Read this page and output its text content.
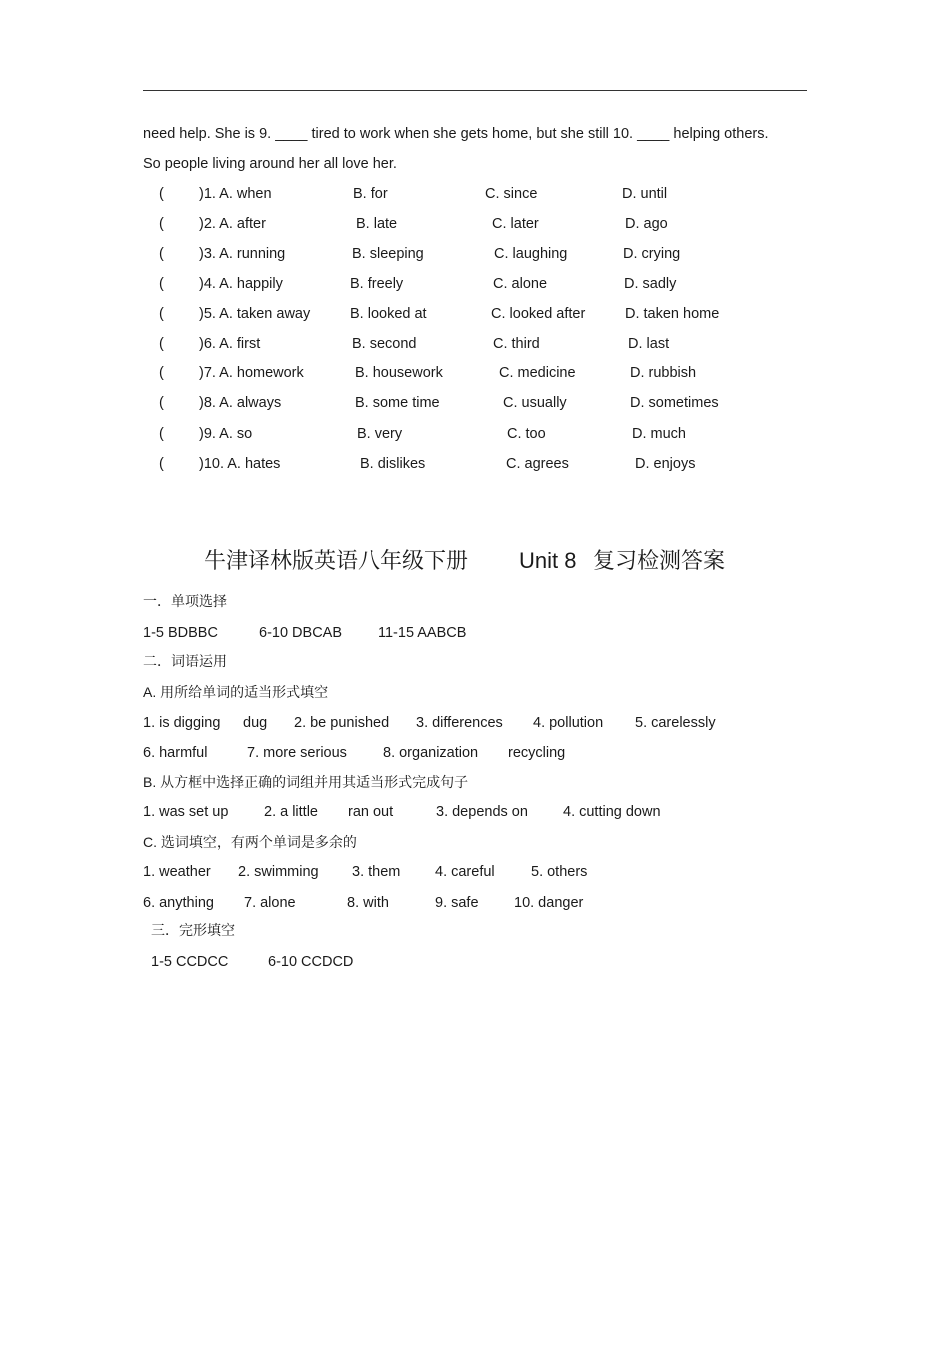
need help. She is 9. ____ tired to work when she gets home, but she still 10. ____ helping others.
So people living around her all love her.
( )1. A. when	B. for	C. since	D. until
( )2. A. after	B. late	C. later	D. ago
( )3. A. running	B. sleeping	C. laughing	D. crying
( )4. A. happily	B. freely	C. alone	D. sadly
( )5. A. taken away	B. looked at	C. looked after	D. taken home
( )6. A. first	B. second	C. third	D. last
( )7. A. homework	B. housework	C. medicine	D. rubbish
( )8. A. always	B. some time	C. usually	D. sometimes
( )9. A. so	B. very	C. too	D. much
( )10. A. hates	B. dislikes	C. agrees	D. enjoys
牛津译林版英语八年级下册 Unit 8 复习检测答案
一．单项选择
1-5 BDBBC	6-10 DBCAB 11-15 AABCB
二．词语运用
A. 用所给单词的适当形式填空
1. is digging dug 2. be punished 3. differences 4. pollution 5. carelessly
6. harmful	7. more serious 8. organization recycling
B. 从方框中选择正确的词组并用其适当形式完成句子
1. was set up 2. a little ran out	3. depends on 4. cutting down
C. 选词填空，有两个单词是多余的
1. weather 2. swimming 3. them 4. careful	5. others
6. anything 7. alone	8. with	9. safe 10. danger
三．完形填空
1-5 CCDCC	6-10 CCDCD
